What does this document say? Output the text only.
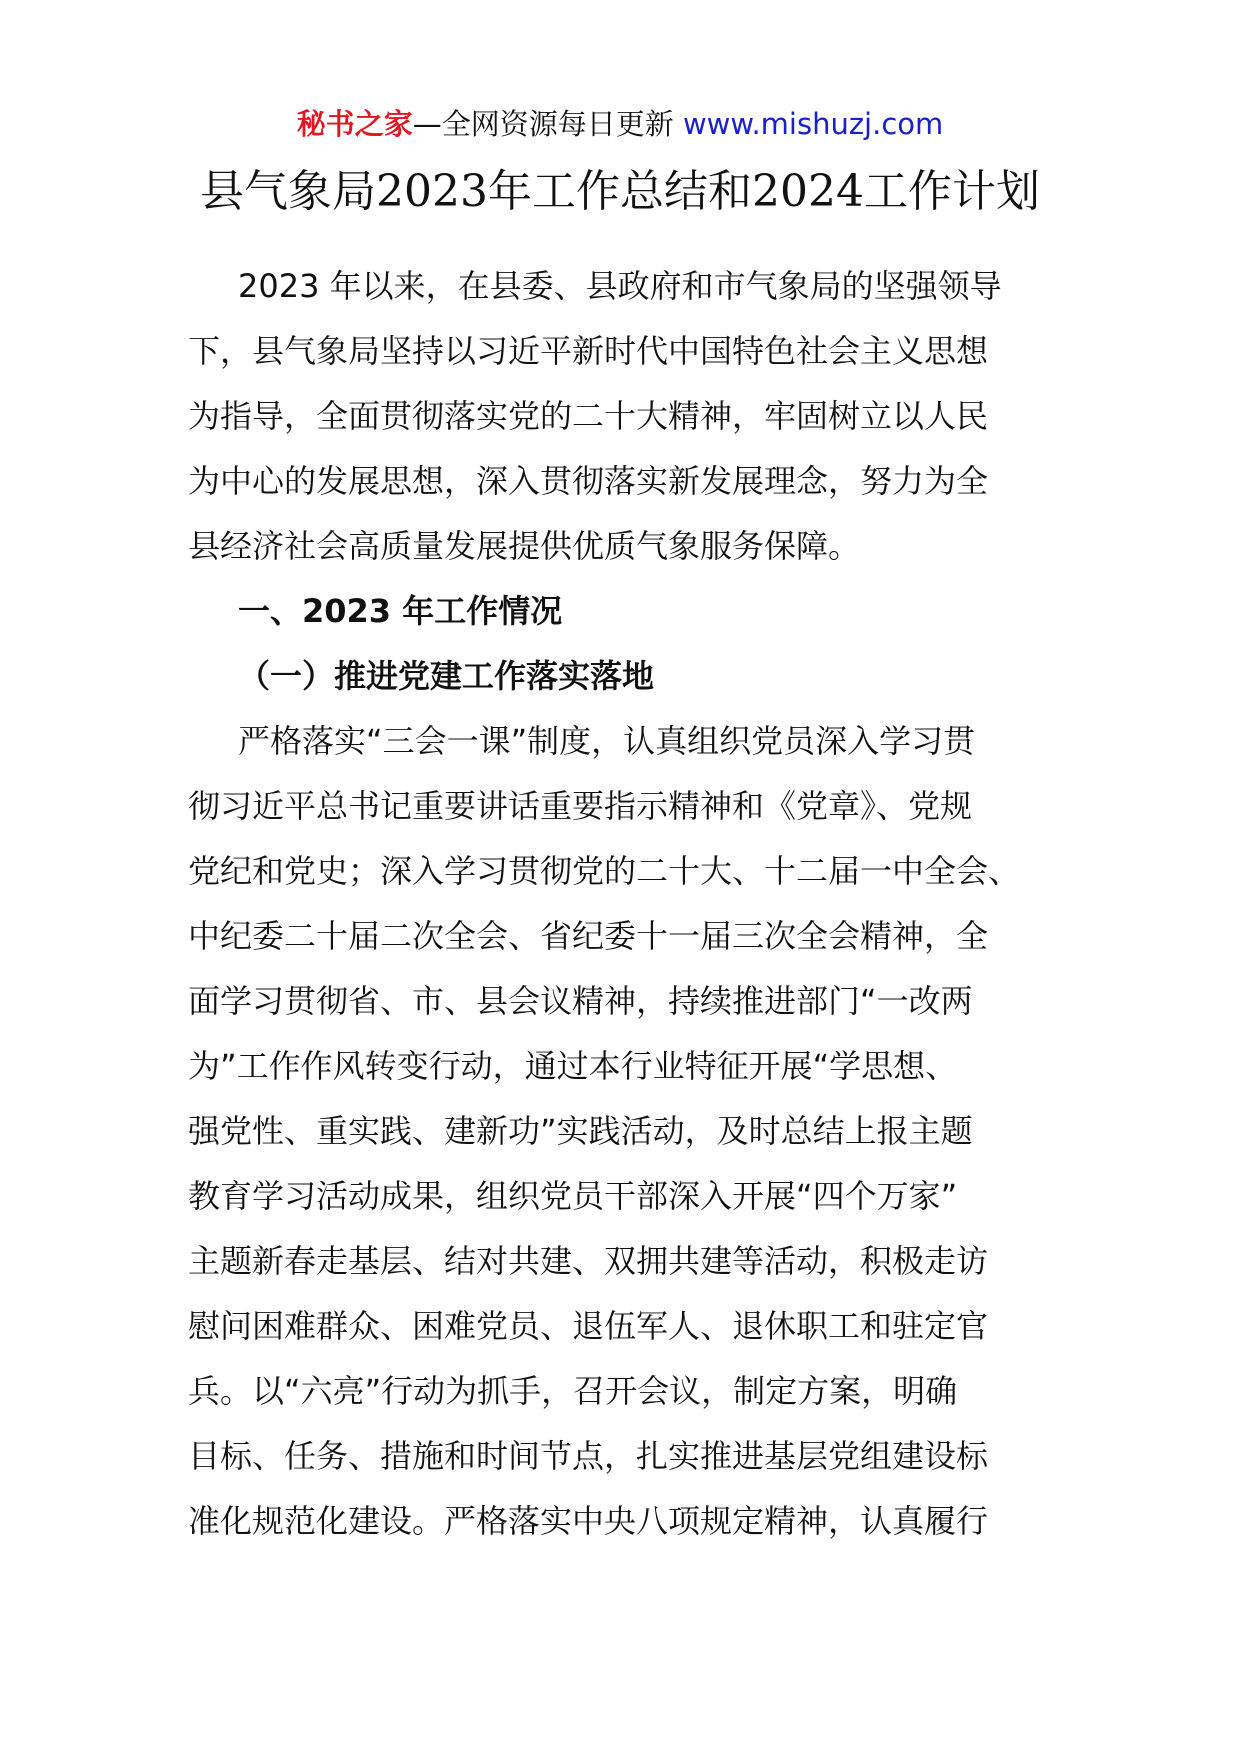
秘书之家—全网资源每日更新 www.mishuzj.com
县气象局2023年工作总结和2024工作计划
2023 年以来，在县委、县政府和市气象局的坚强领导
下，县气象局坚持以习近平新时代中国特色社会主义思想
为指导，全面贯彻落实党的二十大精神，牢固树立以人民
为中心的发展思想，深入贯彻落实新发展理念，努力为全
县经济社会高质量发展提供优质气象服务保障。
一、2023 年工作情况
（一）推进党建工作落实落地
严格落实“三会一课”制度，认真组织党员深入学习贯
彻习近平总书记重要讲话重要指示精神和《党章》、党规
党纪和党史；深入学习贯彻党的二十大、十二届一中全会、
中纪委二十届二次全会、省纪委十一届三次全会精神，全
面学习贯彻省、市、县会议精神，持续推进部门“一改两
为”工作作风转变行动，通过本行业特征开展“学思想、
强党性、重实践、建新功”实践活动，及时总结上报主题
教育学习活动成果，组织党员干部深入开展“四个万家”
主题新春走基层、结对共建、双拥共建等活动，积极走访
慰问困难群众、困难党员、退伍军人、退休职工和驻定官
兵。以“六亮”行动为抓手，召开会议，制定方案，明确
目标、任务、措施和时间节点，扎实推进基层党组建设标
准化规范化建设。严格落实中央八项规定精神，认真履行
